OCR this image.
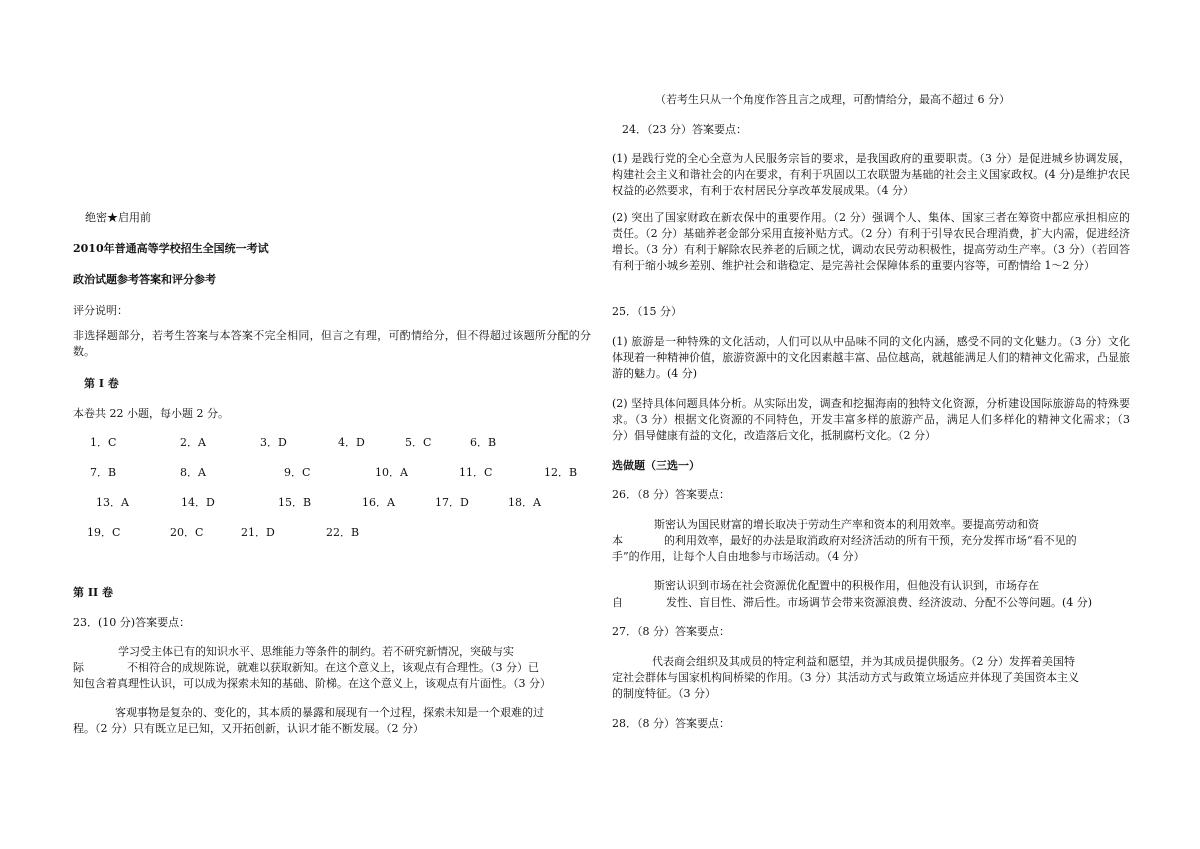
绝密★启用前
2010年普通高等学校招生全国统一考试
政治试题参考答案和评分参考
评分说明：
非选择题部分，若考生答案与本答案不完全相同，但言之有理，可酌情给分，但不得超过该题所分配的分数。
第 I 卷
本卷共 22 小题，每小题 2 分。
1．C	2．A	3．D	4．D	5．C	6．B
7．B	8．A	9．C	10．A	11．C	12．B
13．A	14．D	15．B	16．A	17．D	18．A
19．C	20．C	21．D	22．B
第 II 卷
23．(10 分)答案要点：
学习受主体已有的知识水平、思维能力等条件的制约。若不研究新情况，突破与实
际	不相符合的成规陈说，就难以获取新知。在这个意义上，该观点有合理性。（3 分）已
知包含着真理性认识，可以成为探索未知的基础、阶梯。在这个意义上，该观点有片面性。（3 分）
客观事物是复杂的、变化的，其本质的暴露和展现有一个过程，探索未知是一个艰难的过
程。（2 分）只有既立足已知，又开拓创新，认识才能不断发展。（2 分）
（若考生只从一个角度作答且言之成理，可酌情给分，最高不超过 6 分）
24．（23 分）答案要点：
(1) 是践行党的全心全意为人民服务宗旨的要求，是我国政府的重要职责。（3 分）是促进城乡协调发展，构建社会主义和谐社会的内在要求，有利于巩固以工农联盟为基础的社会主义国家政权。(4 分)是维护农民权益的必然要求，有利于农村居民分享改革发展成果。（4 分）
(2) 突出了国家财政在新农保中的重要作用。（2 分）强调个人、集体、国家三者在筹资中都应承担相应的责任。（2 分）基础养老金部分采用直接补贴方式。（2 分）有利于引导农民合理消费，扩大内需，促进经济增长。（3 分）有利于解除农民养老的后顾之忧，调动农民劳动积极性，提高劳动生产率。（3 分）（若回答有利于缩小城乡差别、维护社会和谐稳定、是完善社会保障体系的重要内容等，可酌情给 1～2 分）
25．（15 分）
(1) 旅游是一种特殊的文化活动，人们可以从中品味不同的文化内涵，感受不同的文化魅力。（3 分）文化体现着一种精神价值，旅游资源中的文化因素越丰富、品位越高，就越能满足人们的精神文化需求，凸显旅游的魅力。(4 分)
(2) 坚持具体问题具体分析。从实际出发，调查和挖掘海南的独特文化资源，分析建设国际旅游岛的特殊要求。（3 分）根据文化资源的不同特色，开发丰富多样的旅游产品，满足人们多样化的精神文化需求；（3 分）倡导健康有益的文化，改造落后文化，抵制腐朽文化。（2 分）
选做题（三选一）
26．（8 分）答案要点：
斯密认为国民财富的增长取决于劳动生产率和资本的利用效率。要提高劳动和资
本	的利用效率，最好的办法是取消政府对经济活动的所有干预，充分发挥市场“看不见的
手”的作用，让每个人自由地参与市场活动。（4 分）
斯密认识到市场在社会资源优化配置中的积极作用，但他没有认识到，市场存在
自	发性、盲目性、滞后性。市场调节会带来资源浪费、经济波动、分配不公等问题。(4 分)
27．（8 分）答案要点：
代表商会组织及其成员的特定利益和愿望，并为其成员提供服务。（2 分）发挥着美国特
定社会群体与国家机构间桥梁的作用。（3 分）其活动方式与政策立场适应并体现了美国资本主义
的制度特征。（3 分）
28．（8 分）答案要点：
